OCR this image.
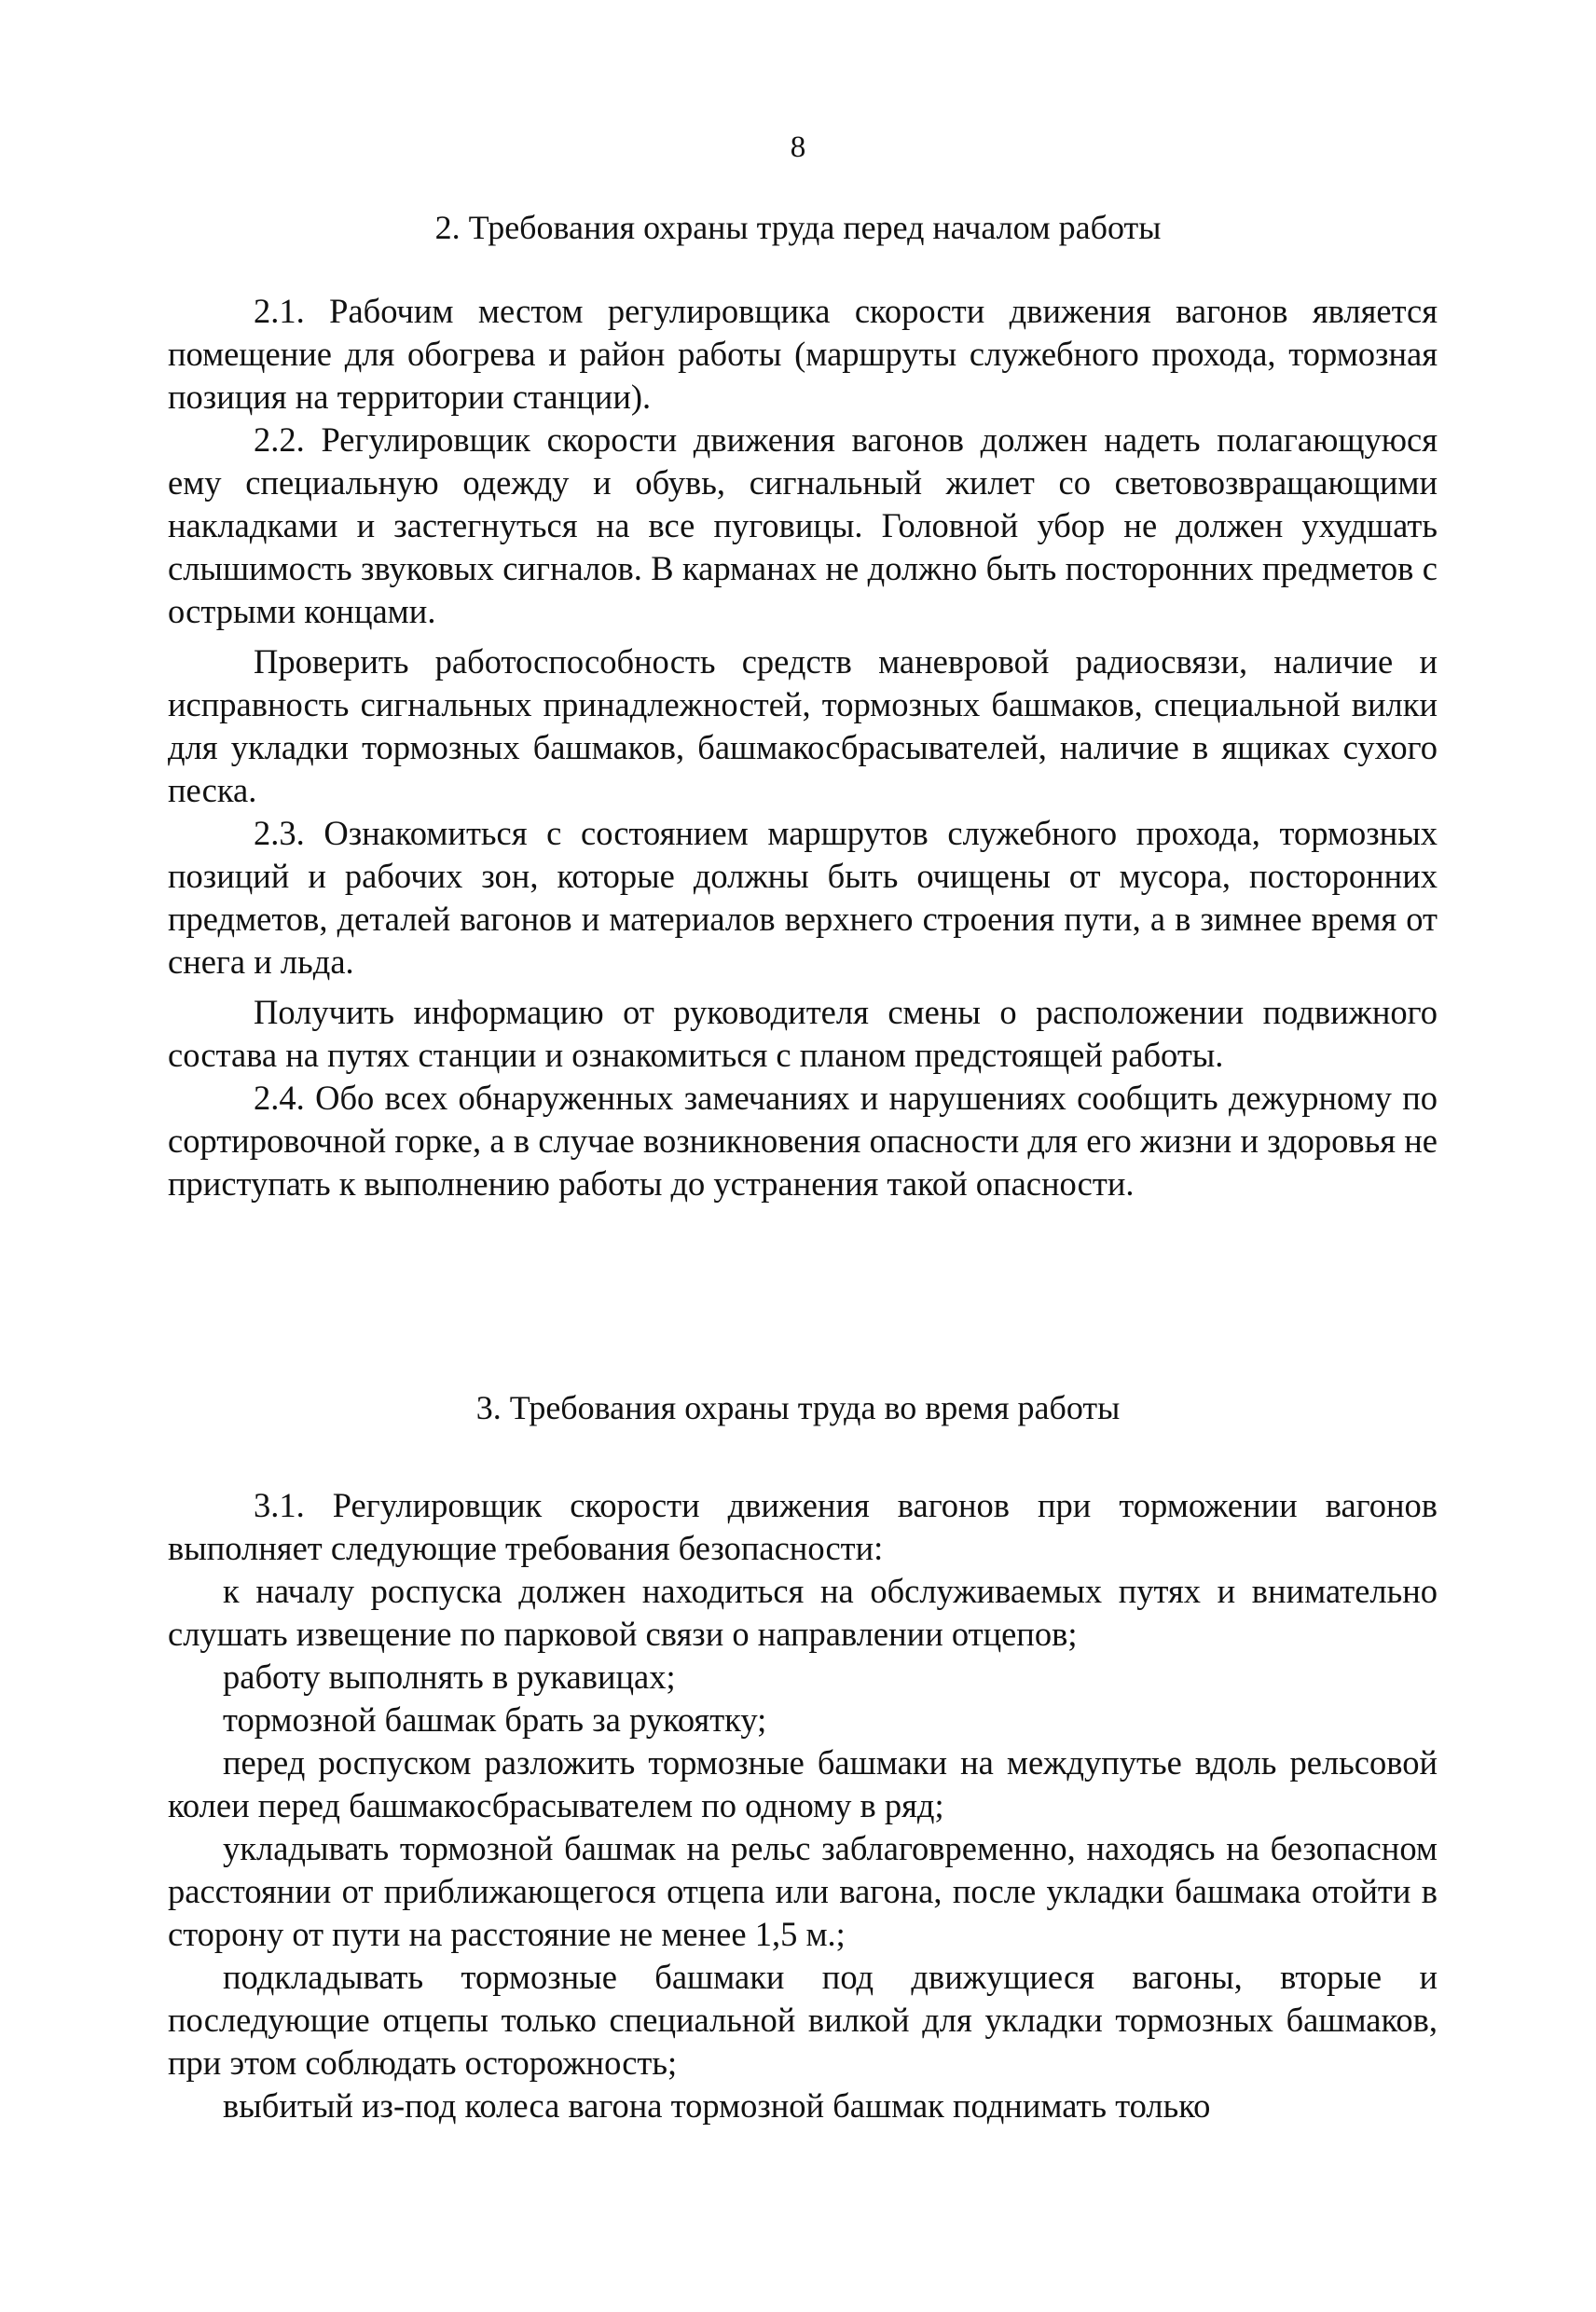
8
2. Требования охраны труда перед началом работы

2.1. Рабочим местом регулировщика скорости движения вагонов является помещение для обогрева и район работы (маршруты служебного прохода, тормозная позиция на территории станции).

2.2. Регулировщик скорости движения вагонов должен надеть полагающуюся ему специальную одежду и обувь, сигнальный жилет со световозвращающими накладками и застегнуться на все пуговицы. Головной убор не должен ухудшать слышимость звуковых сигналов. В карманах не должно быть посторонних предметов с острыми концами.

Проверить работоспособность средств маневровой радиосвязи, наличие и исправность сигнальных принадлежностей, тормозных башмаков, специальной вилки для укладки тормозных башмаков, башмакосбрасывателей, наличие в ящиках сухого песка.

2.3. Ознакомиться с состоянием маршрутов служебного прохода, тормозных позиций и рабочих зон, которые должны быть очищены от мусора, посторонних предметов, деталей вагонов и материалов верхнего строения пути, а в зимнее время от снега и льда.

Получить информацию от руководителя смены о расположении подвижного состава на путях станции и ознакомиться с планом предстоящей работы.

2.4. Обо всех обнаруженных замечаниях и нарушениях сообщить дежурному по сортировочной горке, а в случае возникновения опасности для его жизни и здоровья не приступать к выполнению работы до устранения такой опасности.

3. Требования охраны труда во время работы

3.1. Регулировщик скорости движения вагонов при торможении вагонов выполняет следующие требования безопасности:

к началу роспуска должен находиться на обслуживаемых путях и внимательно слушать извещение по парковой связи о направлении отцепов;

работу выполнять в рукавицах;

тормозной башмак брать за рукоятку;

перед роспуском разложить тормозные башмаки на междупутье вдоль рельсовой колеи перед башмакосбрасывателем по одному в ряд;

укладывать тормозной башмак на рельс заблаговременно, находясь на безопасном расстоянии от приближающегося отцепа или вагона, после укладки башмака отойти в сторону от пути на расстояние не менее 1,5 м.;

подкладывать тормозные башмаки под движущиеся вагоны, вторые и последующие отцепы только специальной вилкой для укладки тормозных башмаков, при этом соблюдать осторожность;

выбитый из-под колеса вагона тормозной башмак поднимать только
